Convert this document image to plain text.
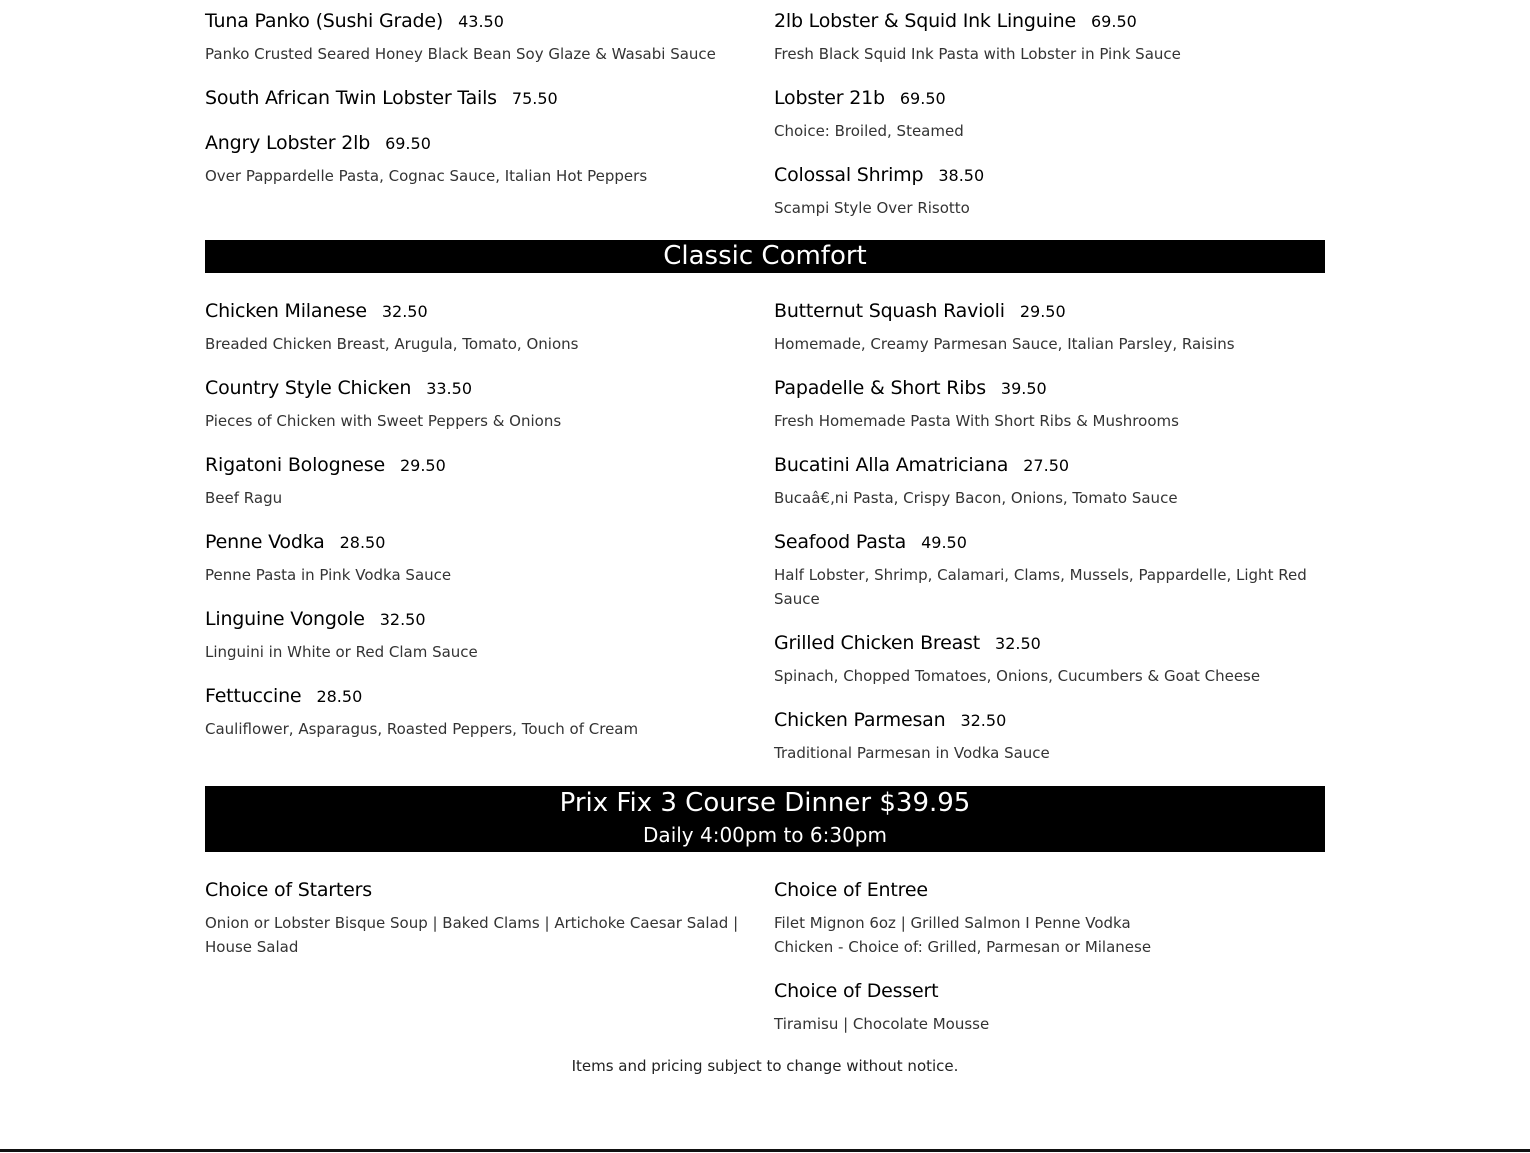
Tuna Panko (Sushi Grade) 43.50
Panko Crusted Seared Honey Black Bean Soy Glaze & Wasabi Sauce
South African Twin Lobster Tails 75.50
Angry Lobster 2lb 69.50
Over Pappardelle Pasta, Cognac Sauce, Italian Hot Peppers
2lb Lobster & Squid Ink Linguine 69.50
Fresh Black Squid Ink Pasta with Lobster in Pink Sauce
Lobster 21b 69.50
Choice: Broiled, Steamed
Colossal Shrimp 38.50
Scampi Style Over Risotto
Classic Comfort
Chicken Milanese 32.50
Breaded Chicken Breast, Arugula, Tomato, Onions
Country Style Chicken 33.50
Pieces of Chicken with Sweet Peppers & Onions
Rigatoni Bolognese 29.50
Beef Ragu
Penne Vodka 28.50
Penne Pasta in Pink Vodka Sauce
Linguine Vongole 32.50
Linguini in White or Red Clam Sauce
Fettuccine 28.50
Cauliflower, Asparagus, Roasted Peppers, Touch of Cream
Butternut Squash Ravioli 29.50
Homemade, Creamy Parmesan Sauce, Italian Parsley, Raisins
Papadelle & Short Ribs 39.50
Fresh Homemade Pasta With Short Ribs & Mushrooms
Bucatini Alla Amatriciana 27.50
Bucaâ€‚ni Pasta, Crispy Bacon, Onions, Tomato Sauce
Seafood Pasta 49.50
Half Lobster, Shrimp, Calamari, Clams, Mussels, Pappardelle, Light Red Sauce
Grilled Chicken Breast 32.50
Spinach, Chopped Tomatoes, Onions, Cucumbers & Goat Cheese
Chicken Parmesan 32.50
Traditional Parmesan in Vodka Sauce
Prix Fix 3 Course Dinner $39.95
Daily 4:00pm to 6:30pm
Choice of Starters
Onion or Lobster Bisque Soup | Baked Clams | Artichoke Caesar Salad | House Salad
Choice of Entree
Filet Mignon 6oz | Grilled Salmon I Penne Vodka
Chicken - Choice of: Grilled, Parmesan or Milanese
Choice of Dessert
Tiramisu | Chocolate Mousse
Items and pricing subject to change without notice.
